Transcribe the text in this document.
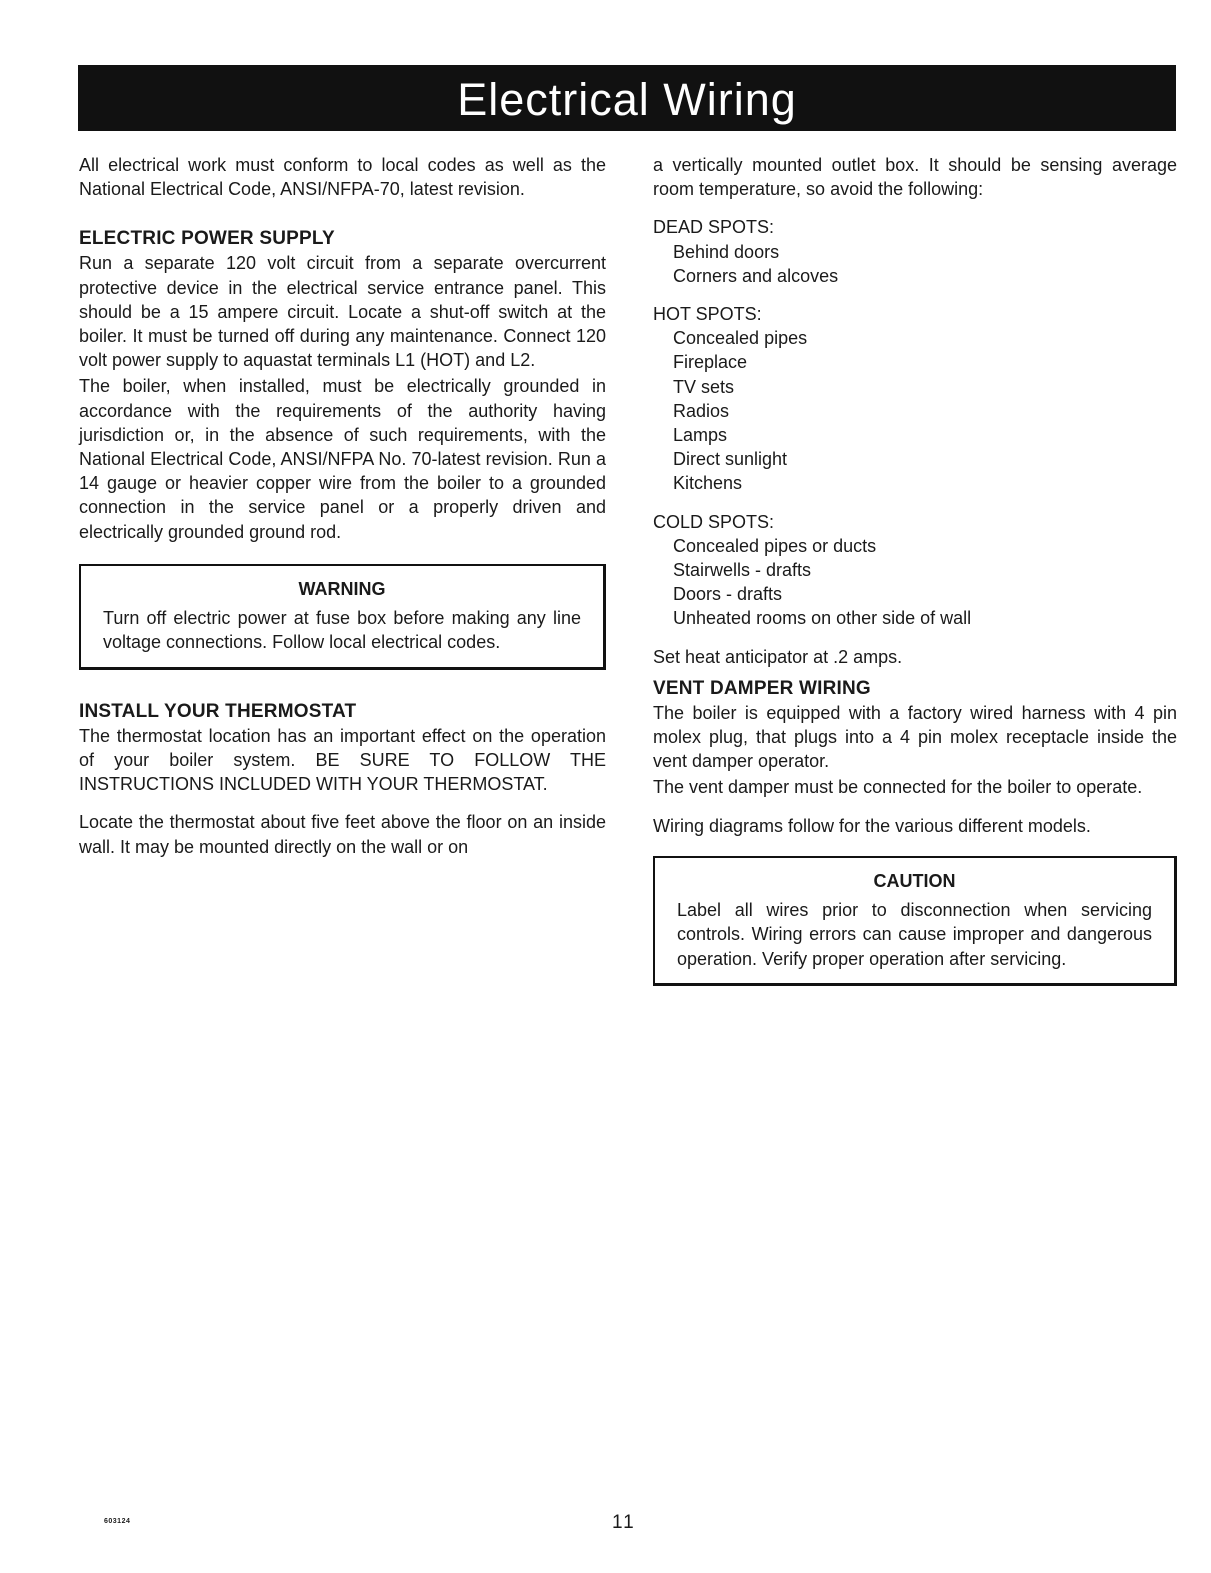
Electrical Wiring

All electrical work must conform to local codes as well as the National Electrical Code, ANSI/NFPA-70, latest revision.

ELECTRIC POWER SUPPLY

Run a separate 120 volt circuit from a separate overcurrent protective device in the electrical service entrance panel. This should be a 15 ampere circuit. Locate a shut-off switch at the boiler. It must be turned off during any maintenance. Connect 120 volt power supply to aquastat terminals L1 (HOT) and L2.

The boiler, when installed, must be electrically grounded in accordance with the requirements of the authority having jurisdiction or, in the absence of such requirements, with the National Electrical Code, ANSI/NFPA No. 70-latest revision. Run a 14 gauge or heavier copper wire from the boiler to a grounded connection in the service panel or a properly driven and electrically grounded ground rod.

WARNING

Turn off electric power at fuse box before making any line voltage connections. Follow local electrical codes.

INSTALL YOUR THERMOSTAT

The thermostat location has an important effect on the operation of your boiler system. BE SURE TO FOLLOW THE INSTRUCTIONS INCLUDED WITH YOUR THERMOSTAT.

Locate the thermostat about five feet above the floor on an inside wall. It may be mounted directly on the wall or on

a vertically mounted outlet box. It should be sensing average room temperature, so avoid the following:

DEAD SPOTS:

Behind doors
Corners and alcoves

HOT SPOTS:

Concealed pipes
Fireplace
TV sets
Radios
Lamps
Direct sunlight
Kitchens

COLD SPOTS:

Concealed pipes or ducts
Stairwells - drafts
Doors - drafts
Unheated rooms on other side of wall

Set heat anticipator at .2 amps.

VENT DAMPER WIRING

The boiler is equipped with a factory wired harness with 4 pin molex plug, that plugs into a 4 pin molex receptacle inside the vent damper operator.

The vent damper must be connected for the boiler to operate.

Wiring diagrams follow for the various different models.

CAUTION

Label all wires prior to disconnection when servicing controls. Wiring errors can cause improper and dangerous operation. Verify proper operation after servicing.

603124	11
